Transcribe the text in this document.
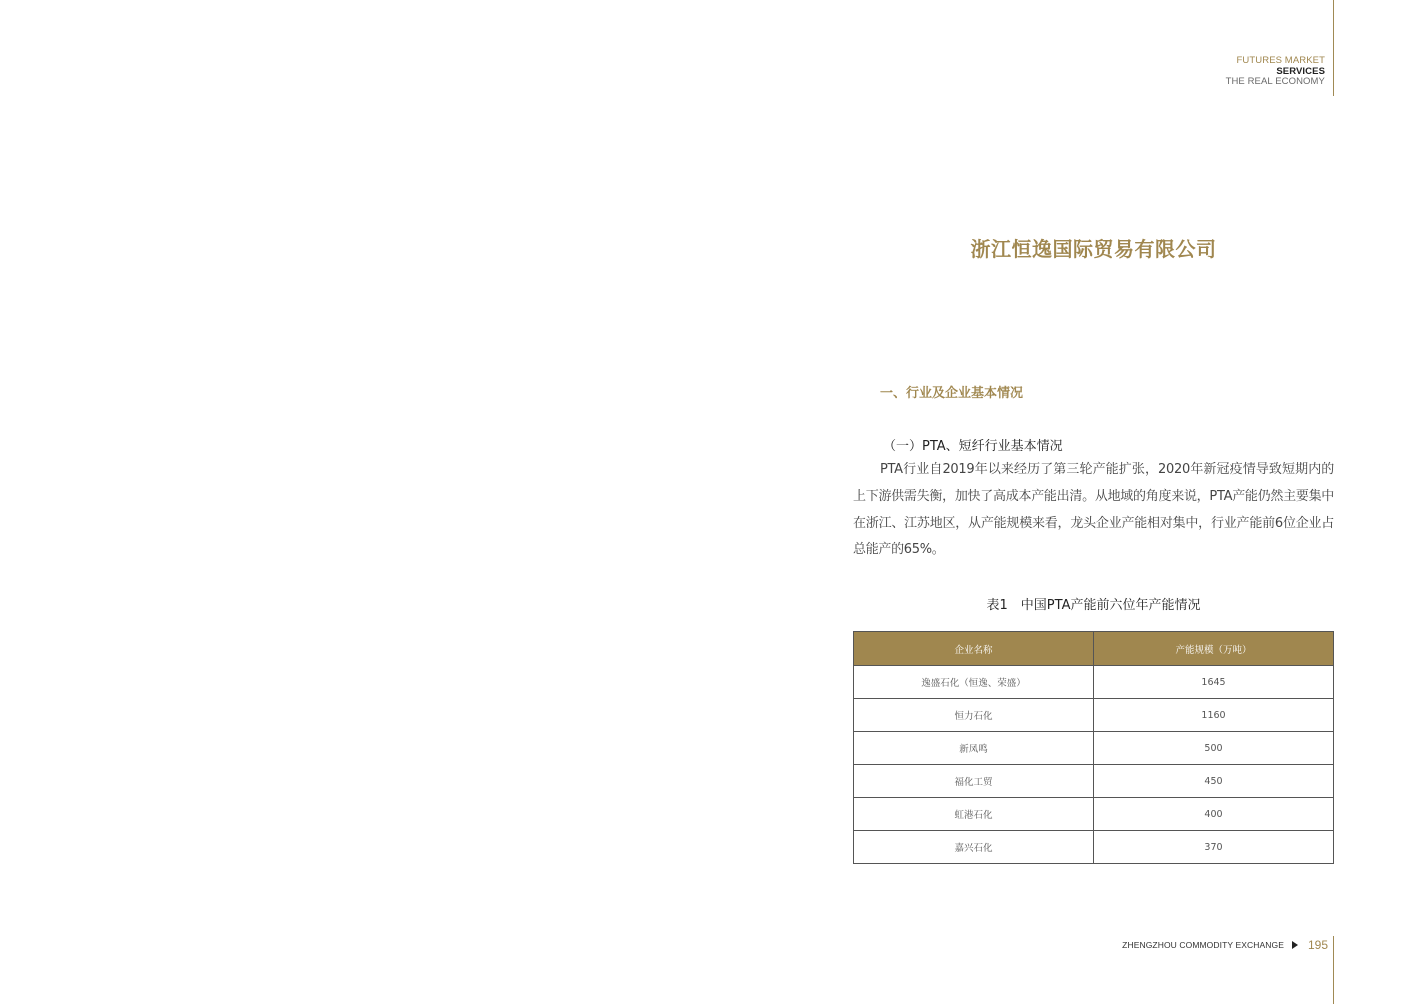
FUTURES MARKET
SERVICES
THE REAL ECONOMY
浙江恒逸国际贸易有限公司
一、行业及企业基本情况
（一）PTA、短纤行业基本情况

PTA行业自2019年以来经历了第三轮产能扩张，2020年新冠疫情导致短期内的上下游供需失衡，加快了高成本产能出清。从地域的角度来说，PTA产能仍然主要集中在浙江、江苏地区，从产能规模来看，龙头企业产能相对集中，行业产能前6位企业占总能产的65%。

表1　中国PTA产能前六位年产能情况
企业名称	产能规模（万吨）
逸盛石化（恒逸、荣盛）	1645
恒力石化	1160
新凤鸣	500
福化工贸	450
虹港石化	400
嘉兴石化	370
ZHENGZHOU COMMODITY EXCHANGE 195
